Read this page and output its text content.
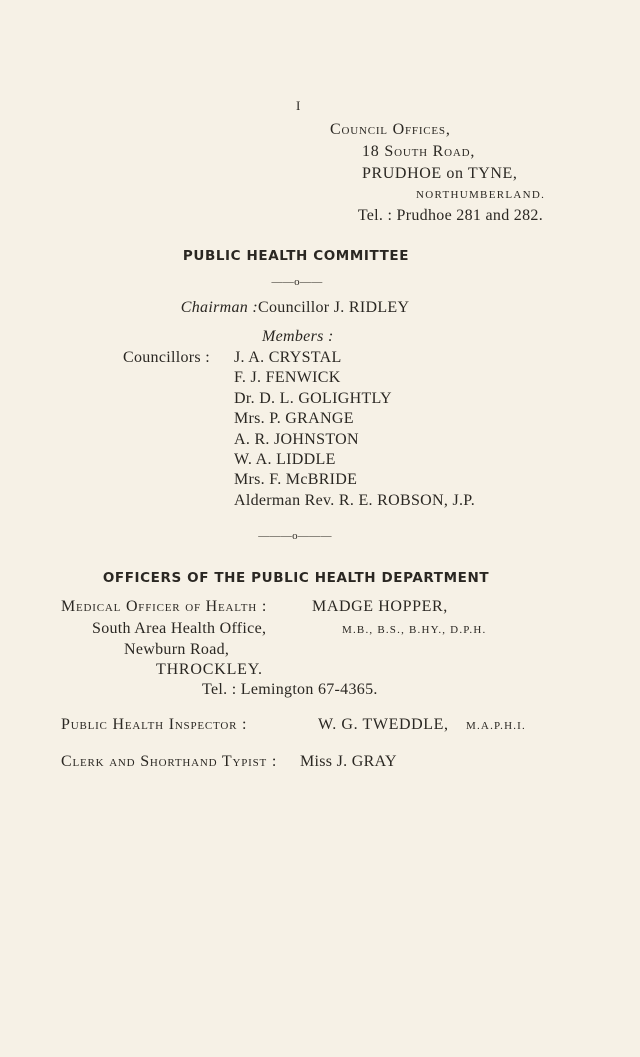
I
Council Offices,
18 South Road,
PRUDHOE on TYNE,
NORTHUMBERLAND.
Tel. : Prudhoe 281 and 282.
PUBLIC HEALTH COMMITTEE
——o——
Chairman : Councillor J. RIDLEY
Members :
Councillors : J. A. CRYSTAL
F. J. FENWICK
Dr. D. L. GOLIGHTLY
Mrs. P. GRANGE
A. R. JOHNSTON
W. A. LIDDLE
Mrs. F. McBRIDE
Alderman Rev. R. E. ROBSON, J.P.
———o———
OFFICERS OF THE PUBLIC HEALTH DEPARTMENT
Medical Officer of Health :	MADGE HOPPER,
South Area Health Office,	M.B., B.S., B.HY., D.P.H.
Newburn Road,
THROCKLEY.
Tel. : Lemington 67-4365.
Public Health Inspector :	W. G. TWEDDLE, M.A.P.H.I.
Clerk and Shorthand Typist : Miss J. GRAY
